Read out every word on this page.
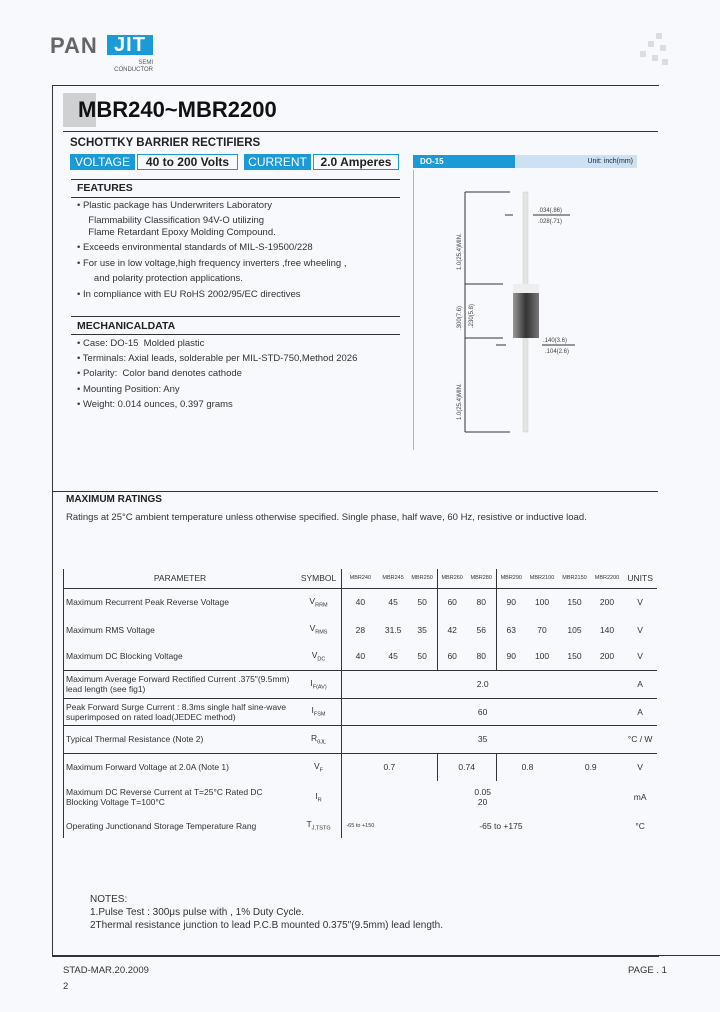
PAN JIT
SEMI
CONDUCTOR
MBR240~MBR2200
SCHOTTKY BARRIER RECTIFIERS
VOLTAGE	40 to 200 Volts	CURRENT	2.0 Amperes	DO-15	Unit: inch(mm)
.034(.86)
.028(.71)
.140(3.6)
.104(2.6)
1.0(25.4)MIN.
1.0(25.4)MIN.
.300(7.6) .230(5.8)
FEATURES
• Plastic package has Underwriters Laboratory
Flammability Classification 94V-O utilizing
Flame Retardant Epoxy Molding Compound.
• Exceeds environmental standards of MIL-S-19500/228
• For use in low voltage,high frequency inverters ,free wheeling ,
and polarity protection applications.
• In compliance with EU RoHS 2002/95/EC directives
MECHANICALDATA
• Case: DO-15  Molded plastic
• Terminals: Axial leads, solderable per MIL-STD-750,Method 2026
• Polarity:  Color band denotes cathode
• Mounting Position: Any
• Weight: 0.014 ounces, 0.397 grams
MAXIMUM RATINGS
Ratings at 25°C ambient temperature unless otherwise specified. Single phase, half wave, 60 Hz, resistive or inductive load.
PARAMETER	SYMBOL	MBR240	MBR245	MBR250	MBR260	MBR280	MBR290	MBR2100	MBR2150	MBR2200	UNITS
Maximum Recurrent Peak Reverse Voltage	$V_{RRM}$	40	45	50	60	80	90	100	150	200	V
Maximum RMS Voltage	$V_{RMS}$	28	31.5	35	42	56	63	70	105	140	V
Maximum DC Blocking Voltage	$V_{DC}$	40	45	50	60	80	90	100	150	200	V
Maximum Average Forward Rectified Current .375"(9.5mm) lead length (see fig1)	$I_{F(AV)}$	2.0									A
Peak Forward Surge Current : 8.3ms single half sine-wave superimposed on rated load(JEDEC method)	$I_{FSM}$	60									A
Typical Thermal Resistance (Note 2)	$R_{\theta JL}$	35									°C / W
Maximum Forward Voltage at 2.0A (Note 1)	$V_F$	0.7			0.74		0.8		0.9		V
Maximum DC Reverse Current at T=25°C Rated DC Blocking Voltage T=100°C	$I_R$	0.05
20									mA
Operating Junctionand Storage Temperature Rang	$T_{J,TSTG}$	-65 to +150	-65 to +175								°C
NOTES:
1.Pulse Test : 300μs pulse with , 1% Duty Cycle.
2Thermal resistance junction to lead P.C.B mounted 0.375"(9.5mm) lead length.
STAD-MAR.20.2009	PAGE . 1
2
